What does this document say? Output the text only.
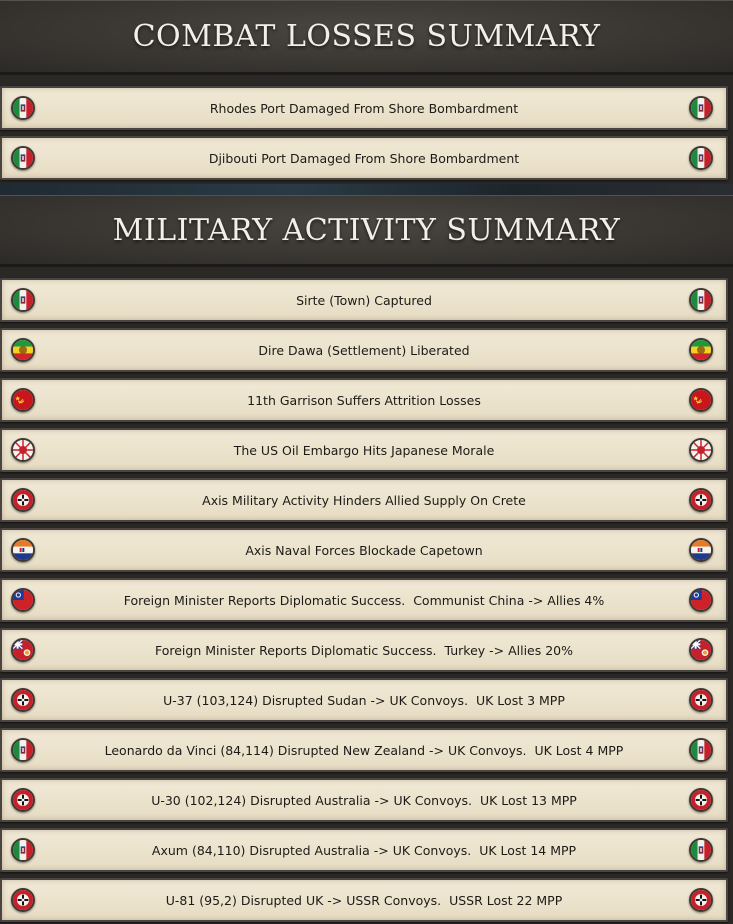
COMBAT LOSSES SUMMARY
Rhodes Port Damaged From Shore Bombardment
Djibouti Port Damaged From Shore Bombardment
MILITARY ACTIVITY SUMMARY
Sirte (Town) Captured
Dire Dawa (Settlement) Liberated
11th Garrison Suffers Attrition Losses
The US Oil Embargo Hits Japanese Morale
Axis Military Activity Hinders Allied Supply On Crete
Axis Naval Forces Blockade Capetown
Foreign Minister Reports Diplomatic Success.  Communist China -> Allies 4%
Foreign Minister Reports Diplomatic Success.  Turkey -> Allies 20%
U-37 (103,124) Disrupted Sudan -> UK Convoys.  UK Lost 3 MPP
Leonardo da Vinci (84,114) Disrupted New Zealand -> UK Convoys.  UK Lost 4 MPP
U-30 (102,124) Disrupted Australia -> UK Convoys.  UK Lost 13 MPP
Axum (84,110) Disrupted Australia -> UK Convoys.  UK Lost 14 MPP
U-81 (95,2) Disrupted UK -> USSR Convoys.  USSR Lost 22 MPP
